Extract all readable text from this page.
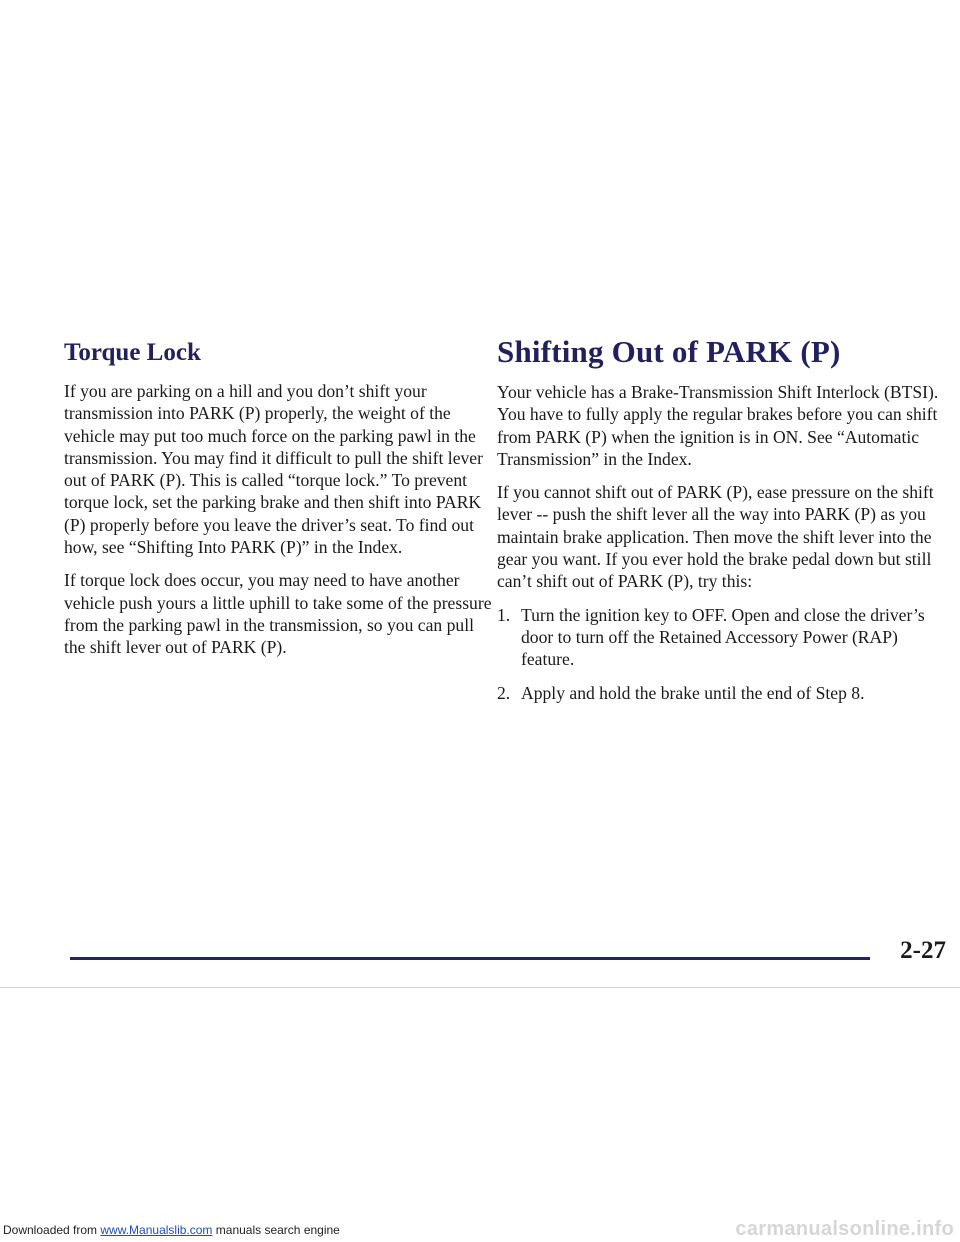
Torque Lock

If you are parking on a hill and you don’t shift your transmission into PARK (P) properly, the weight of the vehicle may put too much force on the parking pawl in the transmission. You may find it difficult to pull the shift lever out of PARK (P). This is called “torque lock.” To prevent torque lock, set the parking brake and then shift into PARK (P) properly before you leave the driver’s seat. To find out how, see “Shifting Into PARK (P)” in the Index.

If torque lock does occur, you may need to have another vehicle push yours a little uphill to take some of the pressure from the parking pawl in the transmission, so you can pull the shift lever out of PARK (P).

Shifting Out of PARK (P)

Your vehicle has a Brake-Transmission Shift Interlock (BTSI). You have to fully apply the regular brakes before you can shift from PARK (P) when the ignition is in ON. See “Automatic Transmission” in the Index.

If you cannot shift out of PARK (P), ease pressure on the shift lever -- push the shift lever all the way into PARK (P) as you maintain brake application. Then move the shift lever into the gear you want. If you ever hold the brake pedal down but still can’t shift out of PARK (P), try this:

1. Turn the ignition key to OFF. Open and close the driver’s door to turn off the Retained Accessory Power (RAP) feature.
2. Apply and hold the brake until the end of Step 8.
2-27
Downloaded from www.Manualslib.com manuals search engine	carmanualsonline.info
